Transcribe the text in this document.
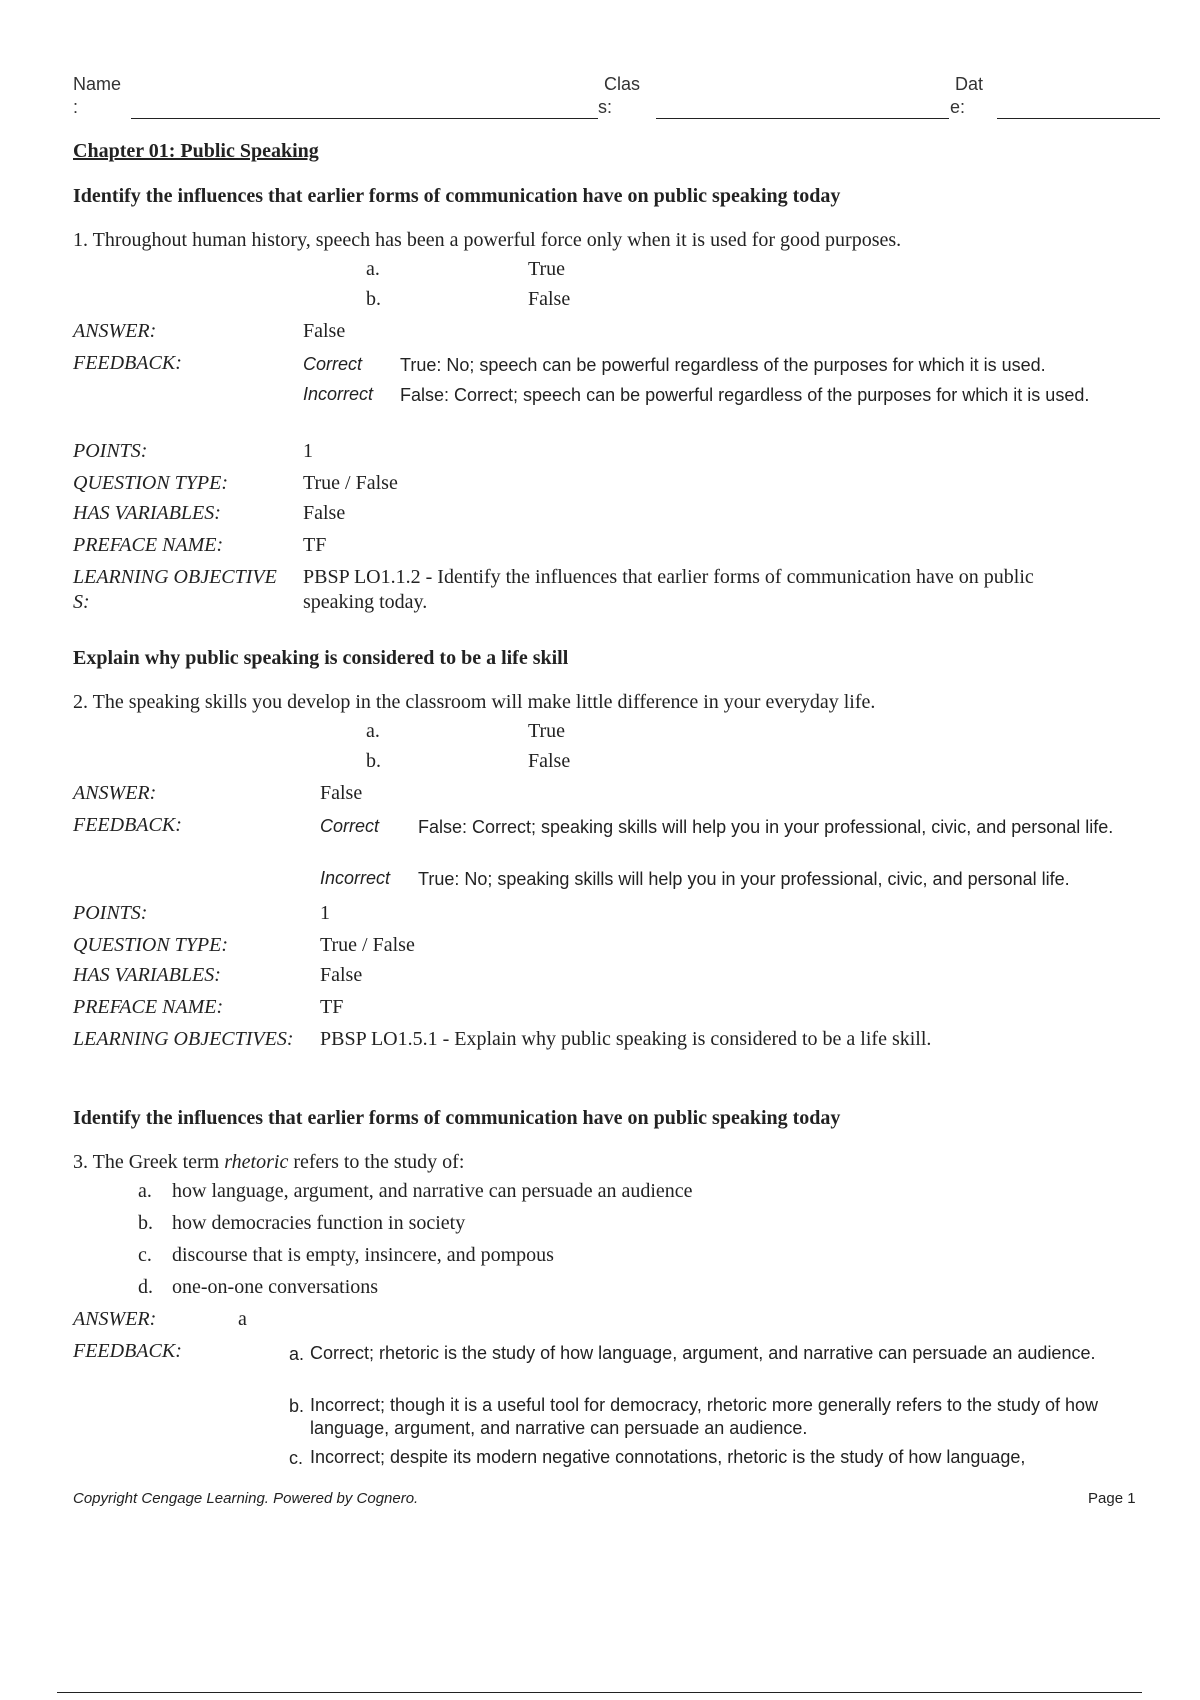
Name
:
Clas
s:
Dat
e:
Chapter 01: Public Speaking
Identify the influences that earlier forms of communication have on public speaking today
1. Throughout human history, speech has been a powerful force only when it is used for good purposes.
a.	True
b.	False
ANSWER:	False
FEEDBACK:	Correct True: No; speech can be powerful regardless of the purposes for which it is used.
Incorrect False: Correct; speech can be powerful regardless of the purposes for which it is used.
POINTS:	1
QUESTION TYPE:	True / False
HAS VARIABLES:	False
PREFACE NAME:	TF
LEARNING OBJECTIVE
S:
PBSP LO1.1.2 - Identify the influences that earlier forms of communication have on public
speaking today.
Explain why public speaking is considered to be a life skill
2. The speaking skills you develop in the classroom will make little difference in your everyday life.
a.	True
b.	False
ANSWER:	False
FEEDBACK:	Correct False: Correct; speaking skills will help you in your professional, civic, and personal life.
Incorrect True: No; speaking skills will help you in your professional, civic, and personal life.
POINTS:	1
QUESTION TYPE:	True / False
HAS VARIABLES:	False
PREFACE NAME:	TF
LEARNING OBJECTIVES: PBSP LO1.5.1 - Explain why public speaking is considered to be a life skill.
Identify the influences that earlier forms of communication have on public speaking today
3. The Greek term rhetoric refers to the study of:
a. how language, argument, and narrative can persuade an audience
b. how democracies function in society
c. discourse that is empty, insincere, and pompous
d. one-on-one conversations
ANSWER:	a
FEEDBACK:	a. Correct; rhetoric is the study of how language, argument, and narrative can persuade an audience.
b. Incorrect; though it is a useful tool for democracy, rhetoric more generally refers to the study of how language, argument, and narrative can persuade an audience.
c. Incorrect; despite its modern negative connotations, rhetoric is the study of how language,
Copyright Cengage Learning. Powered by Cognero.	Page 1
